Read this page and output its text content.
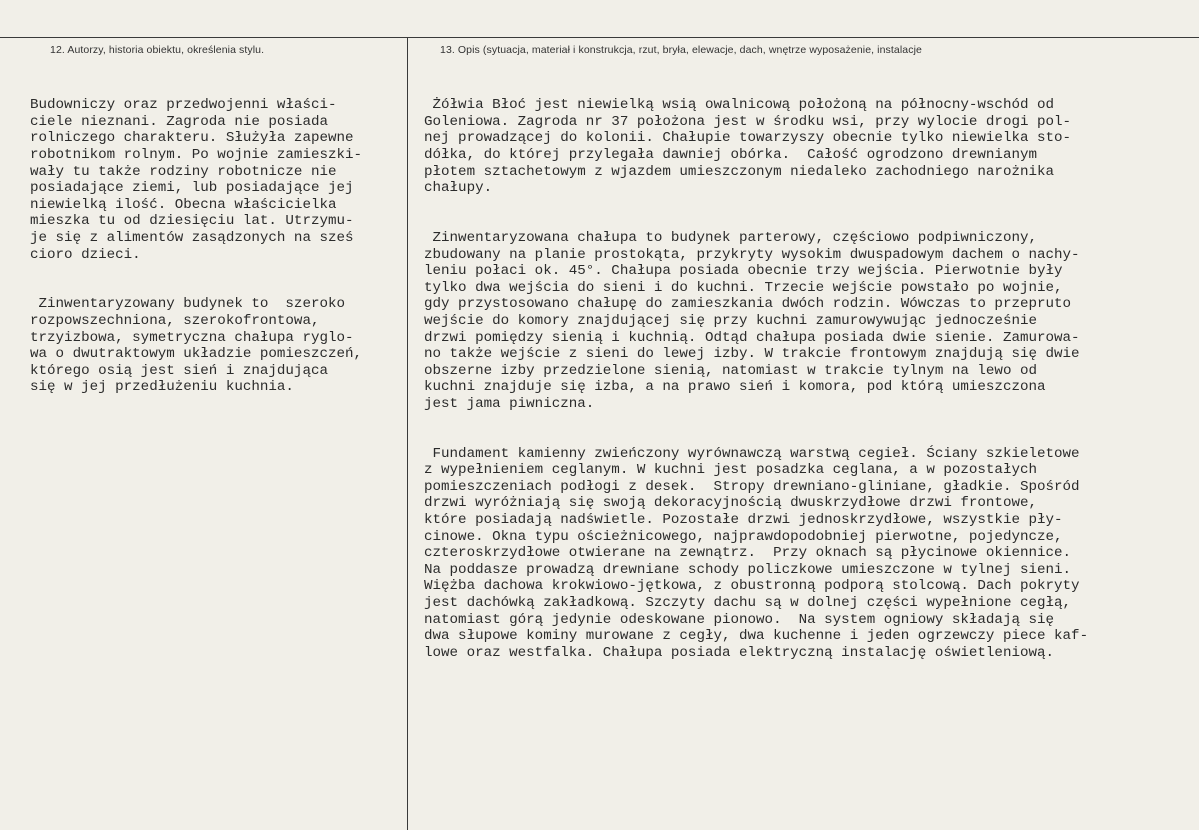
12. Autorzy, historia obiektu, określenia stylu.	13. Opis (sytuacja, materiał i konstrukcja, rzut, bryła, elewacje, dach, wnętrze wyposażenie, instalacje

Budowniczy oraz przedwojenni właści-
ciele nieznani. Zagroda nie posiada
rolniczego charakteru. Służyła zapewne
robotnikom rolnym. Po wojnie zamieszki-
wały tu także rodziny robotnicze nie
posiadające ziemi, lub posiadające jej
niewielką ilość. Obecna właścicielka
mieszka tu od dziesięciu lat. Utrzymu-
je się z alimentów zasądzonych na sześ
cioro dzieci.

Zinwentaryzowany budynek to  szeroko
rozpowszechniona, szerokofrontowa,
trzyizbowa, symetryczna chałupa ryglo-
wa o dwutraktowym układzie pomieszczeń,
którego osią jest sień i znajdująca
się w jej przedłużeniu kuchnia.

Żółwia Błoć jest niewielką wsią owalnicową położoną na północny-wschód od
Goleniowa. Zagroda nr 37 położona jest w środku wsi, przy wylocie drogi pol-
nej prowadzącej do kolonii. Chałupie towarzyszy obecnie tylko niewielka sto-
dółka, do której przylegała dawniej obórka.  Całość ogrodzono drewnianym
płotem sztachetowym z wjazdem umieszczonym niedaleko zachodniego narożnika
chałupy.

Zinwentaryzowana chałupa to budynek parterowy, częściowo podpiwniczony,
zbudowany na planie prostokąta, przykryty wysokim dwuspadowym dachem o nachy-
leniu połaci ok. 45°. Chałupa posiada obecnie trzy wejścia. Pierwotnie były
tylko dwa wejścia do sieni i do kuchni. Trzecie wejście powstało po wojnie,
gdy przystosowano chałupę do zamieszkania dwóch rodzin. Wówczas to przeprutо
wejście do komory znajdującej się przy kuchni zamurowywując jednocześnie
drzwi pomiędzy sienią i kuchnią. Odtąd chałupa posiada dwie sienie. Zamurowa-
no także wejście z sieni do lewej izby. W trakcie frontowym znajdują się dwie
obszerne izby przedzielone sienią, natomiast w trakcie tylnym na lewo od
kuchni znajduje się izba, a na prawo sień i komora, pod którą umieszczona
jest jama piwniczna.

Fundament kamienny zwieńczony wyrównawczą warstwą cegieł. Ściany szkieletowe
z wypełnieniem ceglanym. W kuchni jest posadzka ceglana, a w pozostałych
pomieszczeniach podłogi z desek.  Stropy drewniano-gliniane, gładkie. Spośród
drzwi wyróżniają się swoją dekoracyjnością dwuskrzydłowe drzwi frontowe,
które posiadają nadświetle. Pozostałe drzwi jednoskrzydłowe, wszystkie pły-
cinowe. Okna typu ościeżnicowego, najprawdopodobniej pierwotne, pojedyncze,
czteroskrzydłowe otwierane na zewnątrz.  Przy oknach są płycinowe okiennice.
Na poddasze prowadzą drewniane schody policzkowe umieszczone w tylnej sieni.
Więżba dachowa krokwiowo-jętkowa, z obustronną podporą stolcową. Dach pokryty
jest dachówką zakładkową. Szczyty dachu są w dolnej części wypełnione cegłą,
natomiast górą jedynie odeskowane pionowo.  Na system ogniowy składają się
dwa słupowe kominy murowane z cegły, dwa kuchenne i jeden ogrzewczy piece kaf-
lowe oraz westfalka. Chałupa posiada elektryczną instalację oświetleniową.
